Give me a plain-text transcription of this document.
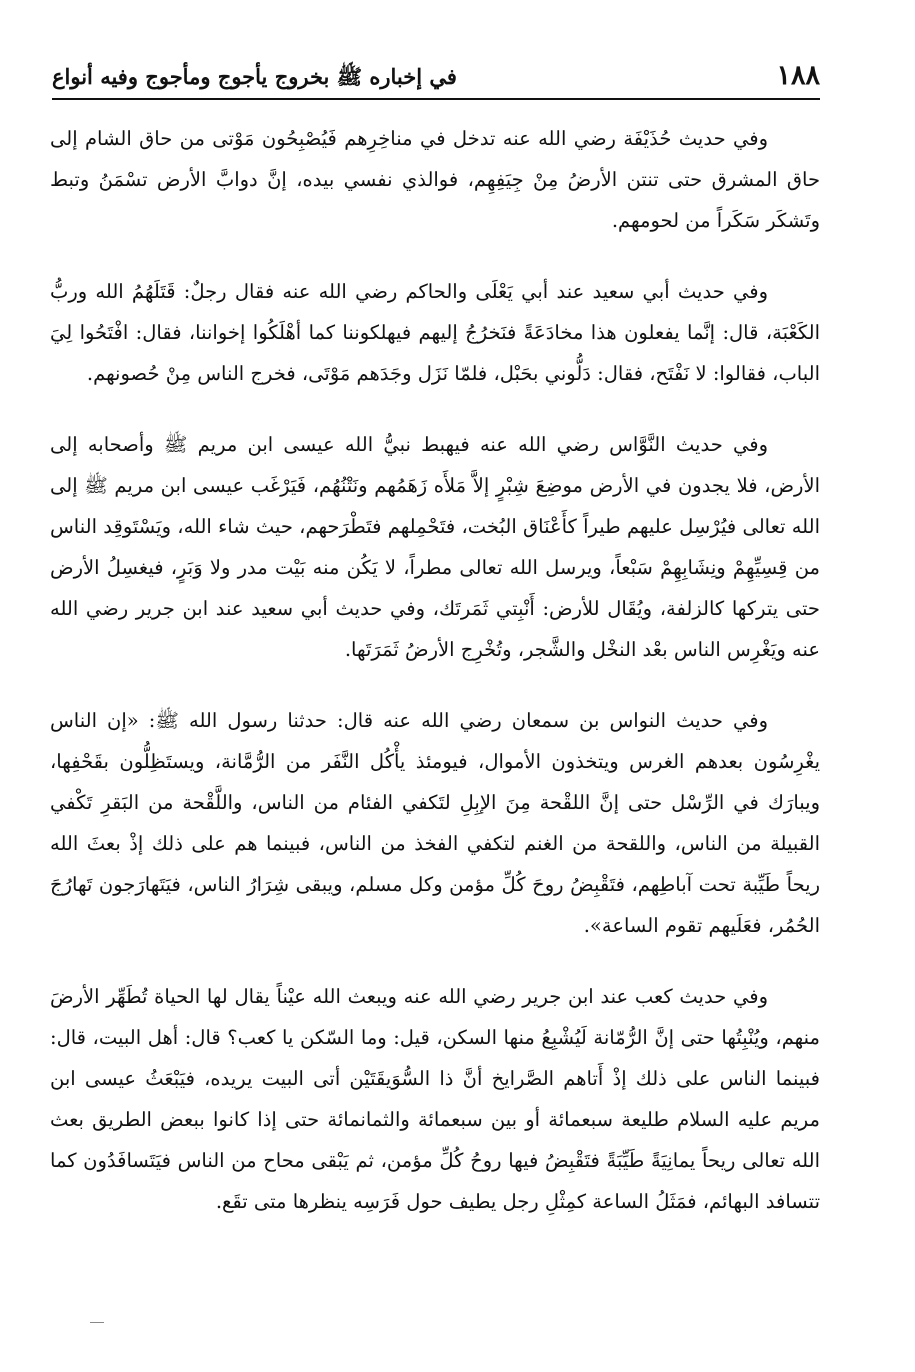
١٨٨
في إخباره ﷺ بخروج يأجوج ومأجوج وفيه أنواع

وفي حديث حُذَيْفَة رضي الله عنه تدخل في مناخِرِهم فَيُصْبِحُون مَوْتى من حاق الشام إلى حاق المشرق حتى تنتن الأرضُ مِنْ جِيَفِهِم، فوالذي نفسي بيده، إنَّ دوابَّ الأرض تسْمَنُ وتبط وتَشكَر سَكَراً من لحومهم.

وفي حديث أبي سعيد عند أبي يَعْلَى والحاكم رضي الله عنه فقال رجلٌ: قَتَلَهُمُ الله وربُّ الكَعْبَة، قال: إنَّما يفعلون هذا مخادَعَةً فنَخرُجُ إليهم فيهلكوننا كما أهْلَكُوا إخواننا، فقال: افْتَحُوا لِيَ الباب، فقالوا: لا نَفْتَح، فقال: دَلُّوني بحَبْل، فلمّا نَزَل وجَدَهم مَوْتَى، فخرج الناس مِنْ حُصونهم.

وفي حديث النَّوَّاس رضي الله عنه فيهبط نبيُّ الله عيسى ابن مريم ﷺ وأصحابه إلى الأرض، فلا يجدون في الأرض موضِعَ شِبْرٍ إلاَّ مَلأَه زَهَمُهم ونَتْنُهُم، فَيَرْغَب عيسى ابن مريم ﷺ إلى الله تعالى فيُرْسِل عليهم طيراً كأَعْنَاق البُخت، فتَحْمِلهم فتَطْرَحهم، حيث شاء الله، ويَسْتَوقِد الناس من قِسِيِّهِمْ ونِشَابِهِمْ سَبْعاً، ويرسل الله تعالى مطراً، لا يَكُن منه بَيْت مدر ولا وَبَرٍ، فيغسِلُ الأرض حتى يتركها كالزلفة، ويُقَال للأرض: أَنْبِتي ثَمَرتَك، وفي حديث أبي سعيد عند ابن جرير رضي الله عنه ويَغْرِس الناس بعْد النخْل والشَّجر، وتُخْرِج الأرضُ ثَمَرَتَها.

وفي حديث النواس بن سمعان رضي الله عنه قال: حدثنا رسول الله ﷺ: «إن الناس يغْرِسُون بعدهم الغرس ويتخذون الأموال، فيومئذ يأْكُل النَّفَر من الرُّمَّانة، ويستَظِلُّون بقَحْفِها، ويبارَك في الرِّسْل حتى إنَّ اللقْحة مِنَ الإبِلِ لتَكفي الفئام من الناس، واللَّقْحة من البَقرِ تَكْفي القبيلة من الناس، واللقحة من الغنم لتكفي الفخذ من الناس، فبينما هم على ذلك إذْ بعثَ الله ريحاً طَيِّبة تحت آباطِهم، فتَقْبِضُ روحَ كُلِّ مؤمن وكل مسلم، ويبقى شِرَارُ الناس، فيَتَهارَجون تَهارُجَ الحُمُر، فعَلَيهم تقوم الساعة».

وفي حديث كعب عند ابن جرير رضي الله عنه ويبعث الله عيْناً يقال لها الحياة تُطَهِّر الأرضَ منهم، ويُنْبِتُها حتى إنَّ الرُّمّانة لَيُشْبِعُ منها السكن، قيل: وما السّكن يا كعب؟ قال: أهل البيت، قال: فبينما الناس على ذلك إذْ أَتاهم الصَّرايخ أنَّ ذا السُّوَيقَتَيْن أتى البيت يريده، فيَبْعَثُ عيسى ابن مريم عليه السلام طليعة سبعمائة أو بين سبعمائة والثمانمائة حتى إذا كانوا ببعض الطريق بعث الله تعالى ريحاً يمانِيَةً طَيِّبَةً فتَقْبِضُ فيها روحُ كُلِّ مؤمن، ثم يَبْقى محاح من الناس فيَتَسافَدُون كما تتسافد البهائم، فمَثَلُ الساعة كمِثْلِ رجل يطيف حول فَرَسِه ينظرها متى تقَع.
